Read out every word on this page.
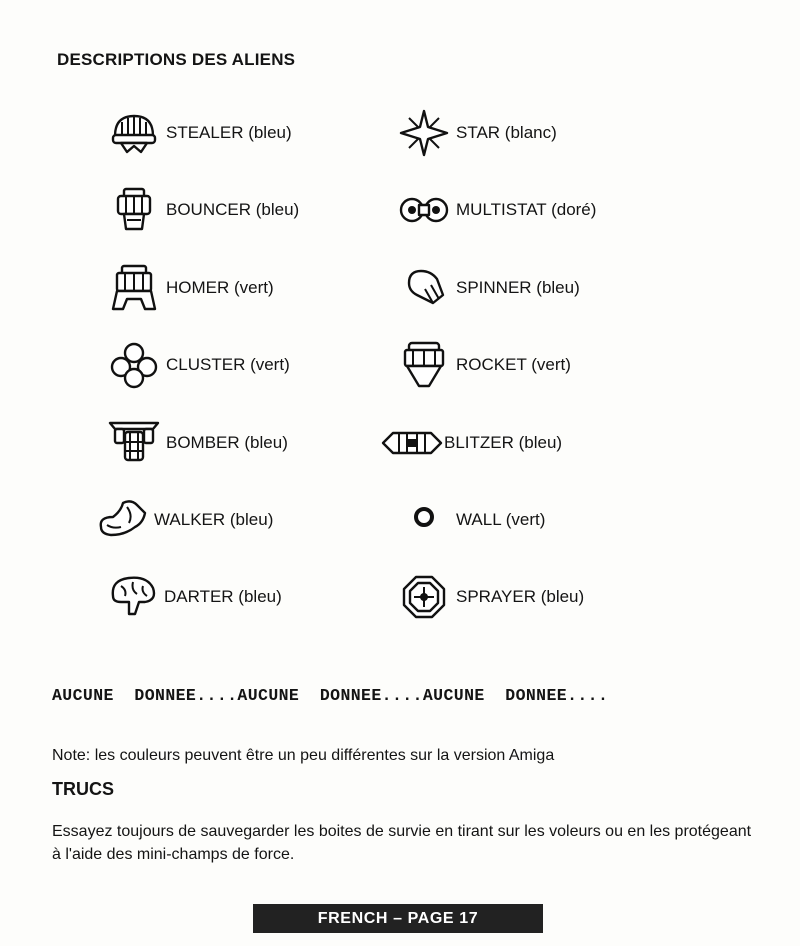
DESCRIPTIONS DES ALIENS
STEALER (bleu)
BOUNCER (bleu)
HOMER (vert)
CLUSTER (vert)
BOMBER (bleu)
WALKER (bleu)
DARTER (bleu)
STAR (blanc)
MULTISTAT (doré)
SPINNER (bleu)
ROCKET (vert)
BLITZER (bleu)
WALL (vert)
SPRAYER (bleu)
AUCUNE  DONNEE....AUCUNE  DONNEE....AUCUNE  DONNEE....

Note: les couleurs peuvent être un peu différentes sur la version Amiga

TRUCS

Essayez toujours de sauvegarder les boites de survie en tirant sur les voleurs ou en les protégeant à l'aide des mini-champs de force.

FRENCH – PAGE 17
